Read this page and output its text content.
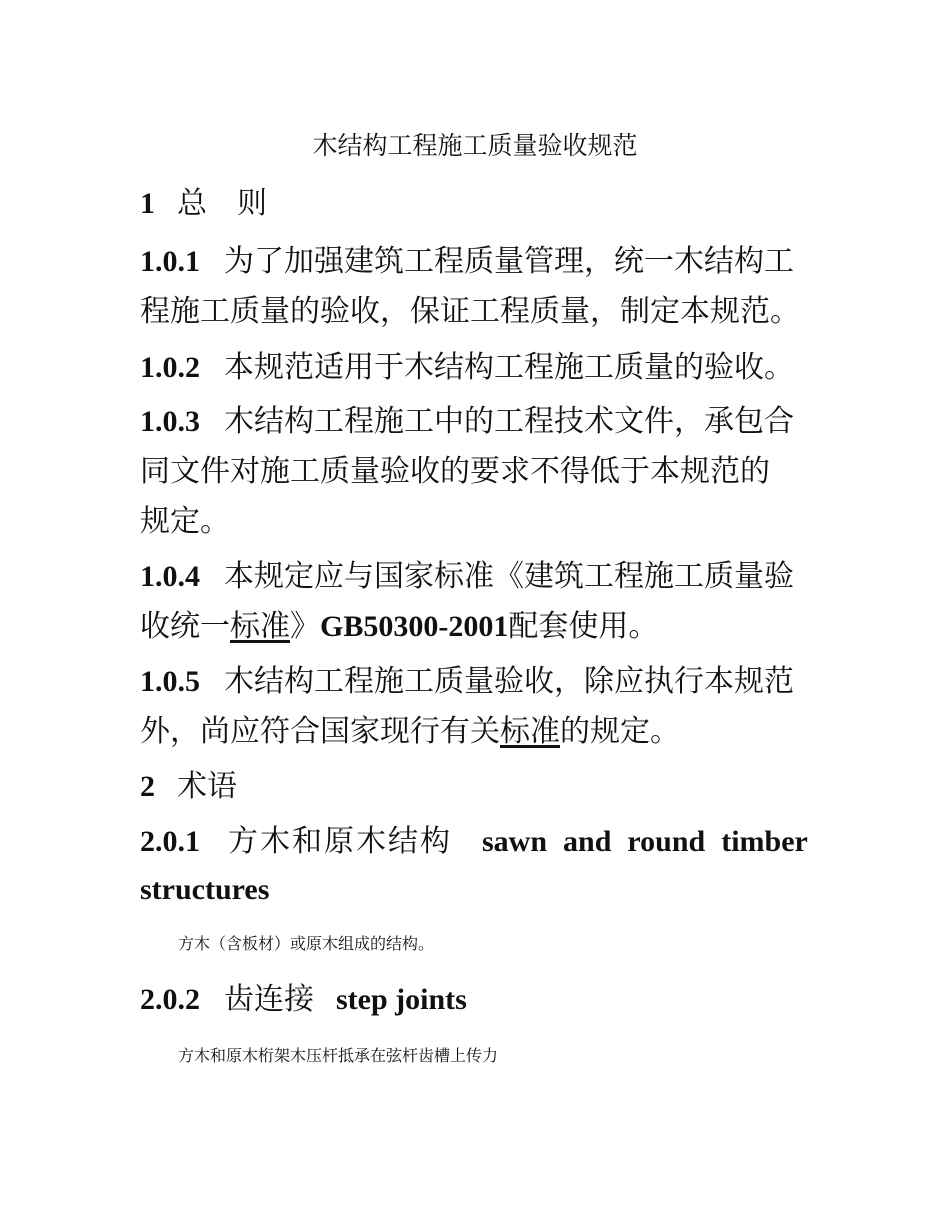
木结构工程施工质量验收规范
1 总　则
1.0.1 为了加强建筑工程质量管理，统一木结构工
程施工质量的验收，保证工程质量，制定本规范。
1.0.2 本规范适用于木结构工程施工质量的验收。
1.0.3 木结构工程施工中的工程技术文件，承包合
同文件对施工质量验收的要求不得低于本规范的
规定。
1.0.4 本规定应与国家标准《建筑工程施工质量验
收统一标准》GB50300-2001配套使用。
1.0.5 木结构工程施工质量验收，除应执行本规范
外，尚应符合国家现行有关标准的规定。
2 术语
2.0.1 方木和原木结构 sawn and round timber
structures
方木（含板材）或原木组成的结构。
2.0.2 齿连接 step joints
方木和原木桁架木压杆抵承在弦杆齿槽上传力
